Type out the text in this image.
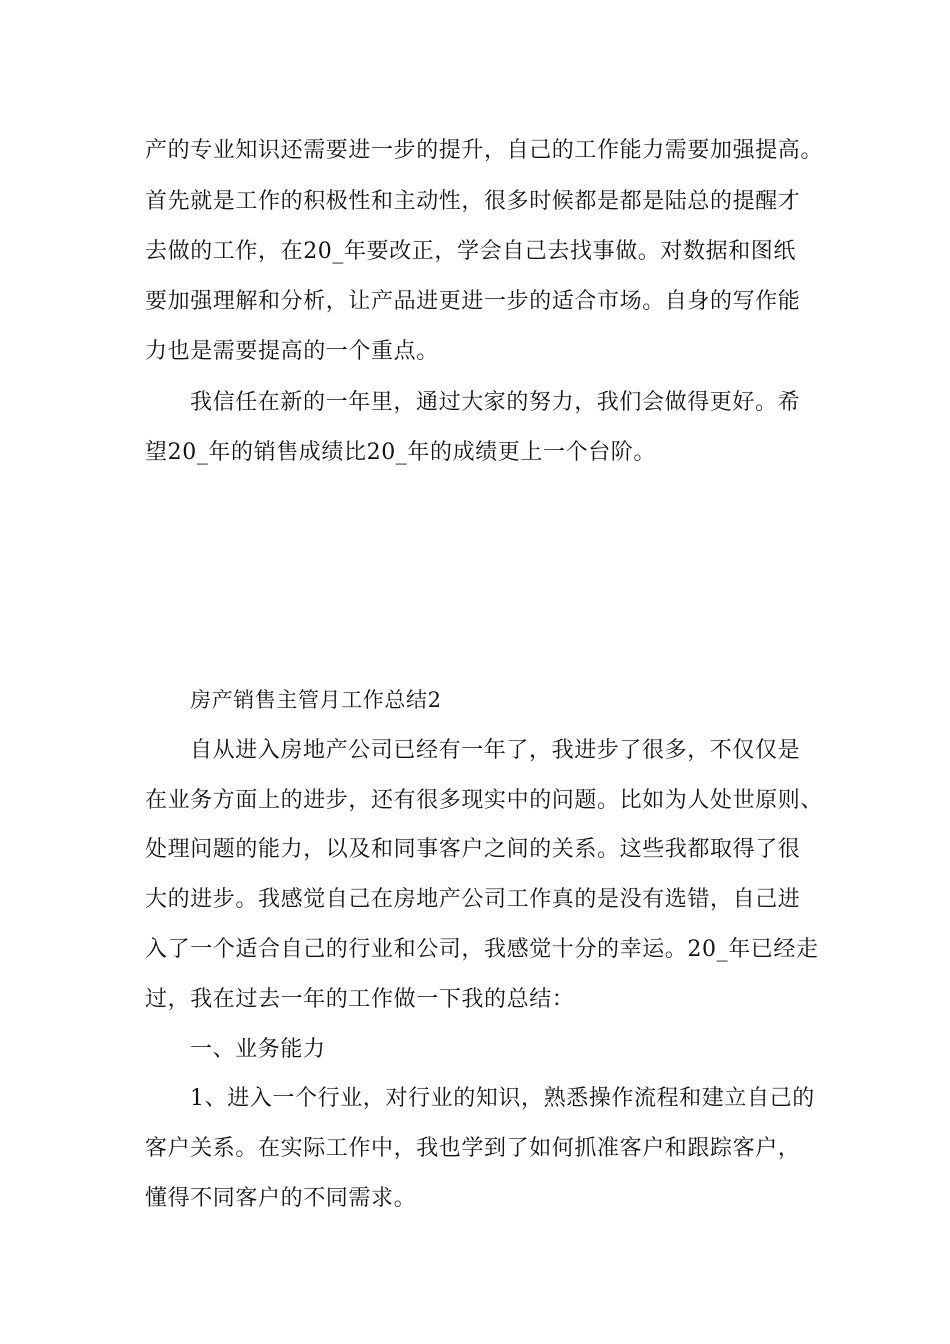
产的专业知识还需要进一步的提升，自己的工作能力需要加强提高。
首先就是工作的积极性和主动性，很多时候都是都是陆总的提醒才
去做的工作，在20_年要改正，学会自己去找事做。对数据和图纸
要加强理解和分析，让产品进更进一步的适合市场。自身的写作能
力也是需要提高的一个重点。
我信任在新的一年里，通过大家的努力，我们会做得更好。希
望20_年的销售成绩比20_年的成绩更上一个台阶。
房产销售主管月工作总结2
自从进入房地产公司已经有一年了，我进步了很多，不仅仅是
在业务方面上的进步，还有很多现实中的问题。比如为人处世原则、
处理问题的能力，以及和同事客户之间的关系。这些我都取得了很
大的进步。我感觉自己在房地产公司工作真的是没有选错，自己进
入了一个适合自己的行业和公司，我感觉十分的幸运。20_年已经走
过，我在过去一年的工作做一下我的总结：
一、业务能力
1、进入一个行业，对行业的知识，熟悉操作流程和建立自己的
客户关系。在实际工作中，我也学到了如何抓准客户和跟踪客户，
懂得不同客户的不同需求。
